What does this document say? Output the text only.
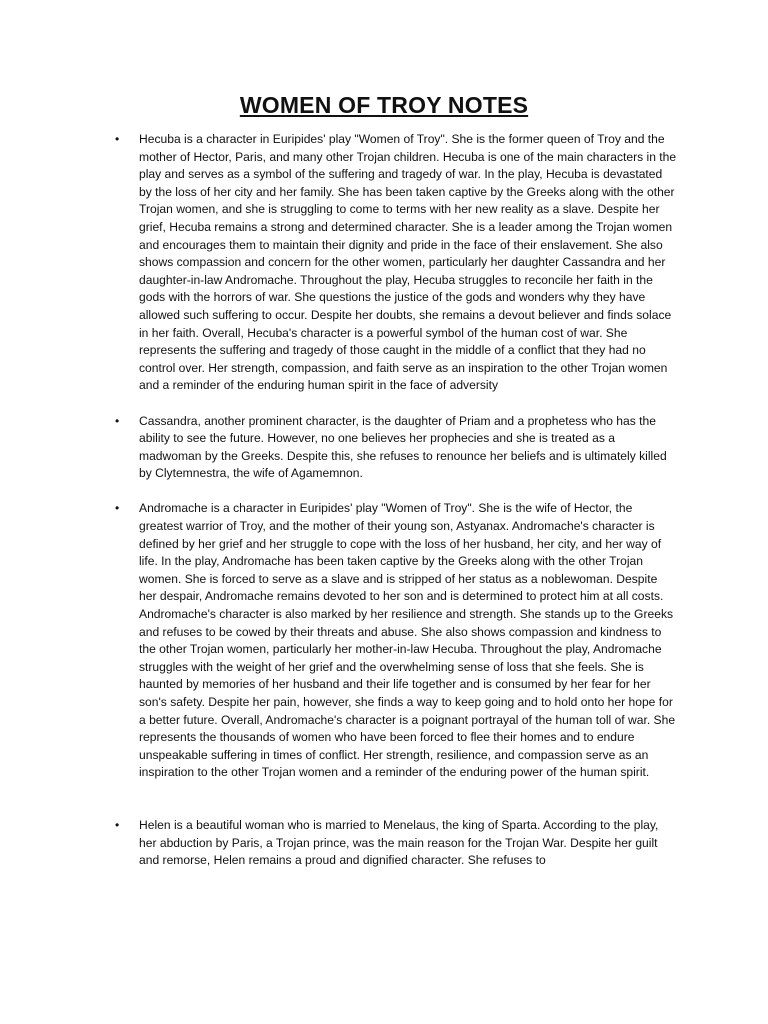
WOMEN OF TROY NOTES
• Hecuba is a character in Euripides' play "Women of Troy". She is the former queen of Troy and the mother of Hector, Paris, and many other Trojan children. Hecuba is one of the main characters in the play and serves as a symbol of the suffering and tragedy of war. In the play, Hecuba is devastated by the loss of her city and her family. She has been taken captive by the Greeks along with the other Trojan women, and she is struggling to come to terms with her new reality as a slave. Despite her grief, Hecuba remains a strong and determined character. She is a leader among the Trojan women and encourages them to maintain their dignity and pride in the face of their enslavement. She also shows compassion and concern for the other women, particularly her daughter Cassandra and her daughter-in-law Andromache. Throughout the play, Hecuba struggles to reconcile her faith in the gods with the horrors of war. She questions the justice of the gods and wonders why they have allowed such suffering to occur. Despite her doubts, she remains a devout believer and finds solace in her faith. Overall, Hecuba's character is a powerful symbol of the human cost of war. She represents the suffering and tragedy of those caught in the middle of a conflict that they had no control over. Her strength, compassion, and faith serve as an inspiration to the other Trojan women and a reminder of the enduring human spirit in the face of adversity
• Cassandra, another prominent character, is the daughter of Priam and a prophetess who has the ability to see the future. However, no one believes her prophecies and she is treated as a madwoman by the Greeks. Despite this, she refuses to renounce her beliefs and is ultimately killed by Clytemnestra, the wife of Agamemnon.
• Andromache is a character in Euripides' play "Women of Troy". She is the wife of Hector, the greatest warrior of Troy, and the mother of their young son, Astyanax. Andromache's character is defined by her grief and her struggle to cope with the loss of her husband, her city, and her way of life. In the play, Andromache has been taken captive by the Greeks along with the other Trojan women. She is forced to serve as a slave and is stripped of her status as a noblewoman. Despite her despair, Andromache remains devoted to her son and is determined to protect him at all costs. Andromache's character is also marked by her resilience and strength. She stands up to the Greeks and refuses to be cowed by their threats and abuse. She also shows compassion and kindness to the other Trojan women, particularly her mother-in-law Hecuba. Throughout the play, Andromache struggles with the weight of her grief and the overwhelming sense of loss that she feels. She is haunted by memories of her husband and their life together and is consumed by her fear for her son's safety. Despite her pain, however, she finds a way to keep going and to hold onto her hope for a better future. Overall, Andromache's character is a poignant portrayal of the human toll of war. She represents the thousands of women who have been forced to flee their homes and to endure unspeakable suffering in times of conflict. Her strength, resilience, and compassion serve as an inspiration to the other Trojan women and a reminder of the enduring power of the human spirit.
• Helen is a beautiful woman who is married to Menelaus, the king of Sparta. According to the play, her abduction by Paris, a Trojan prince, was the main reason for the Trojan War. Despite her guilt and remorse, Helen remains a proud and dignified character. She refuses to
